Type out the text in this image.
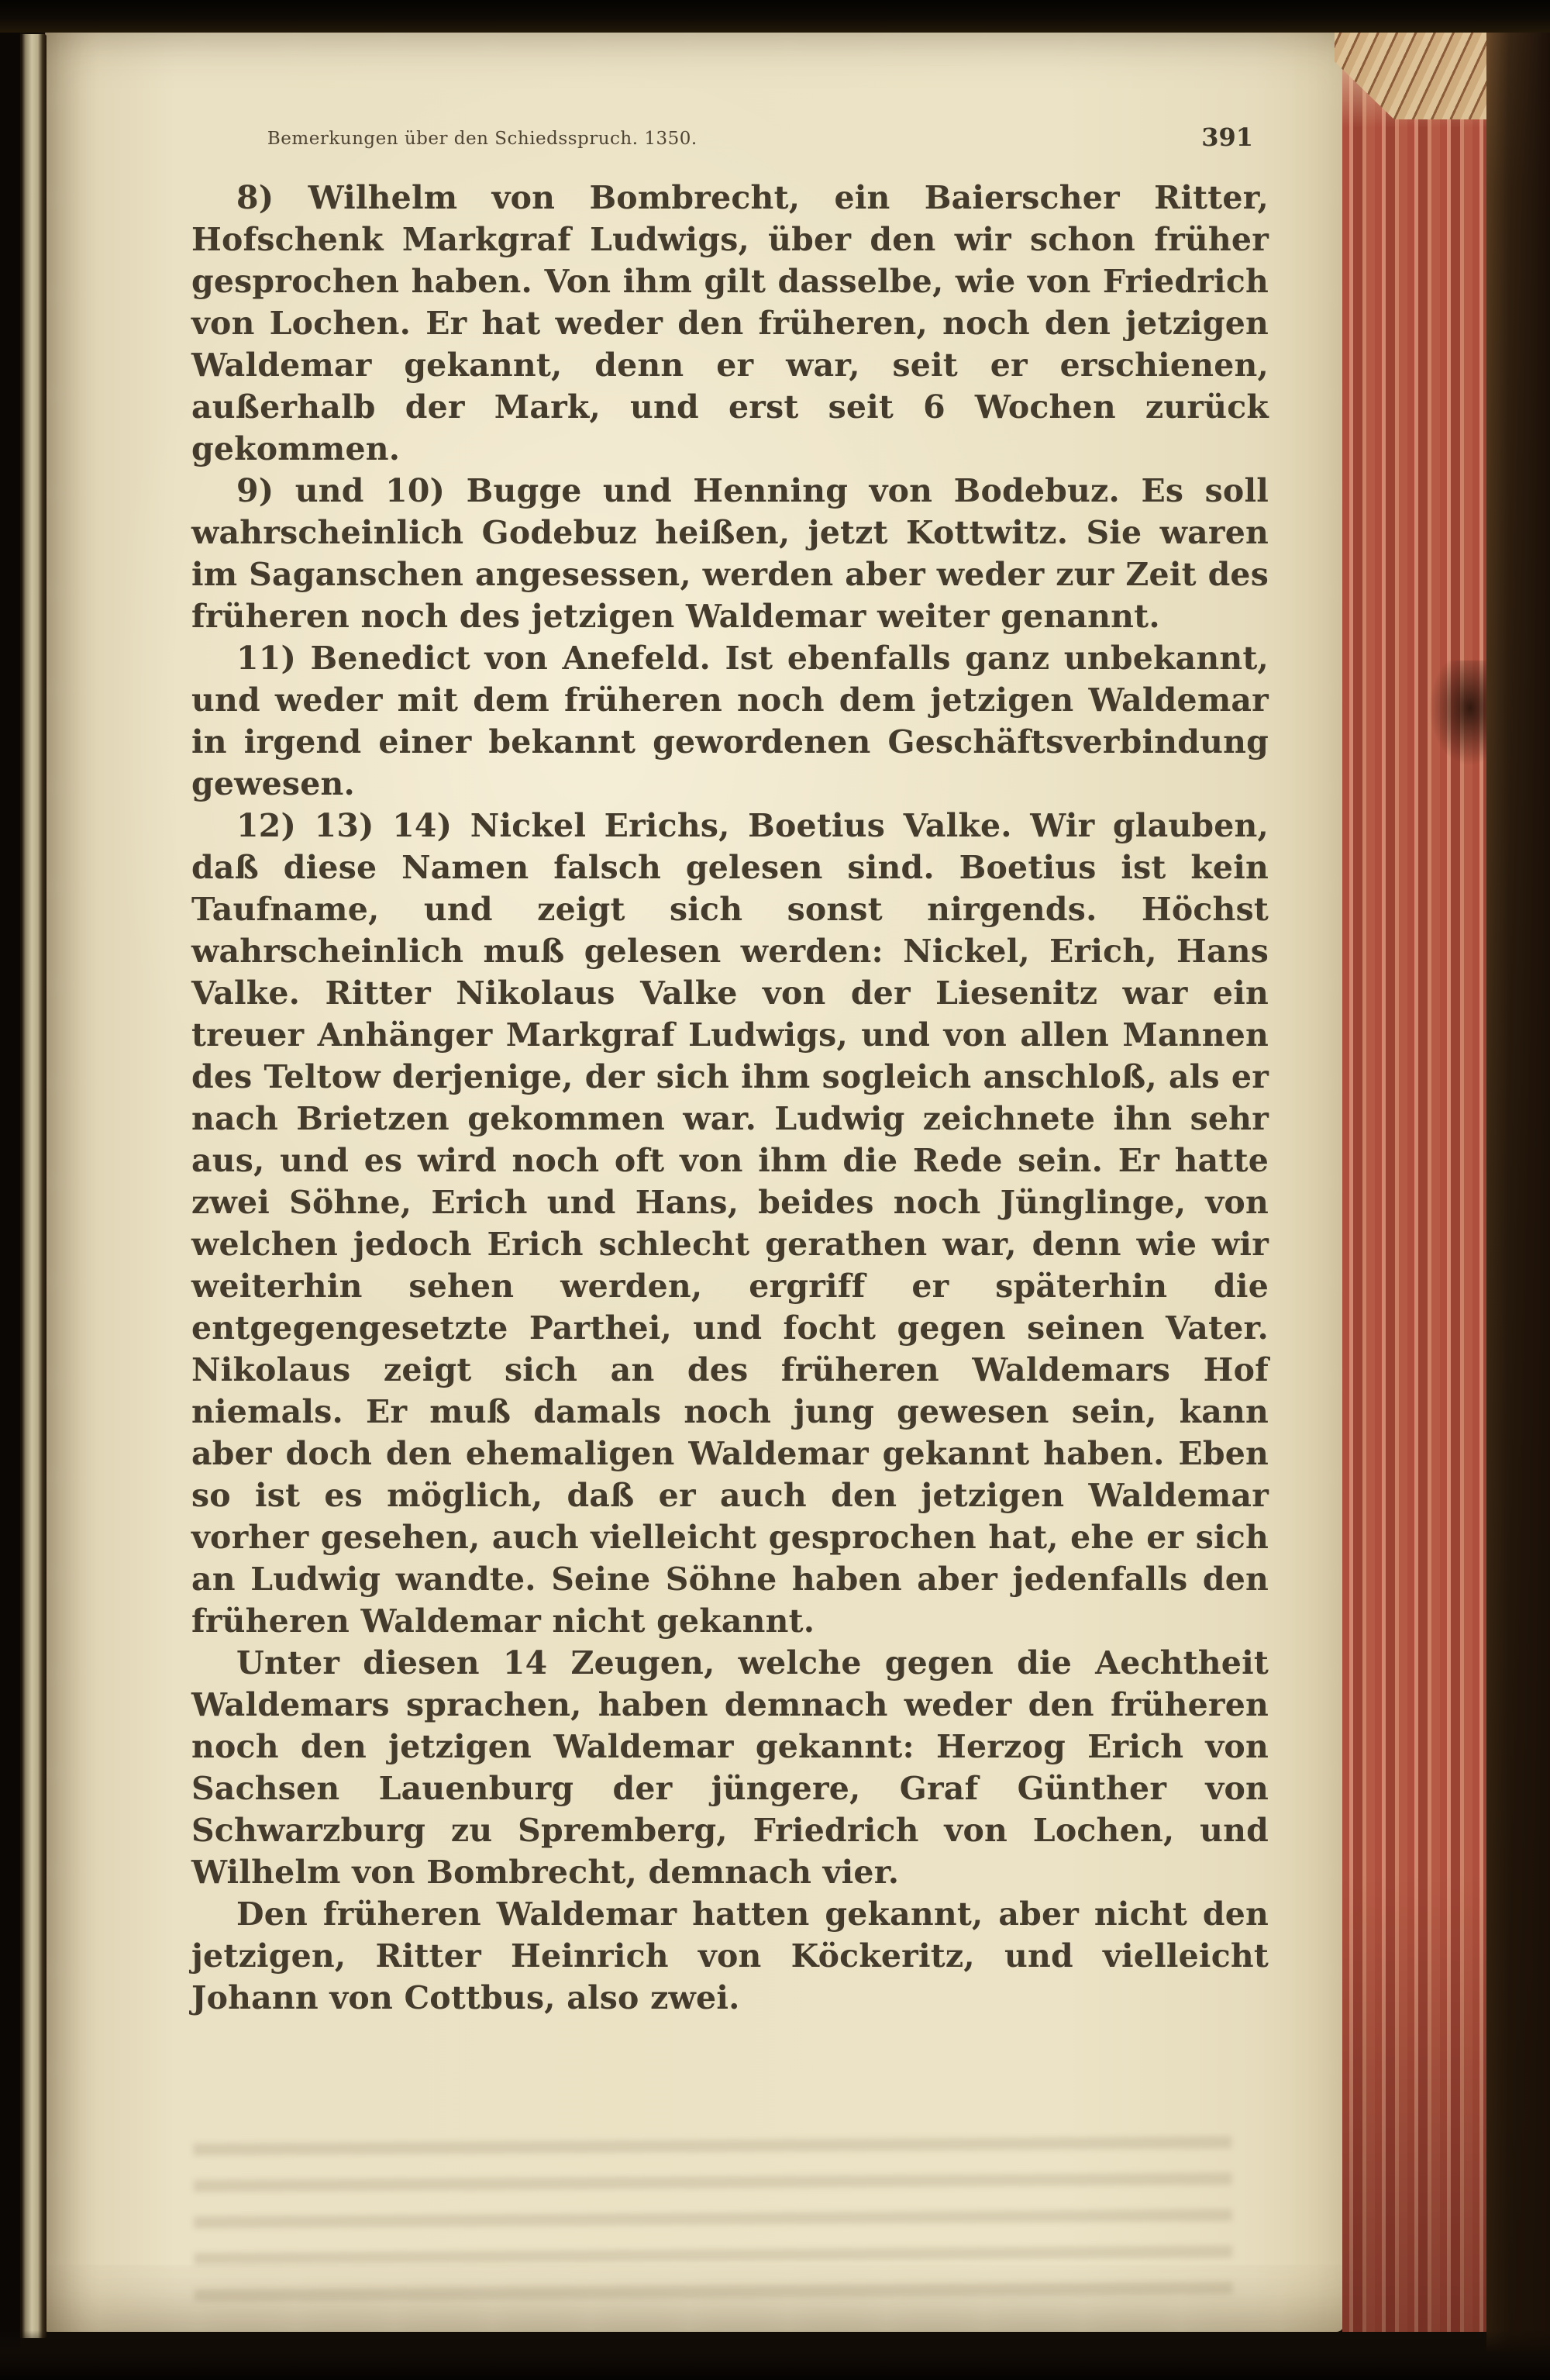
Bemerkungen über den Schiedsspruch. 1350.	391

8) Wilhelm von Bombrecht, ein Baierscher Ritter, Hofschenk Markgraf Ludwigs, über den wir schon früher gesprochen haben. Von ihm gilt dasselbe, wie von Friedrich von Lochen. Er hat weder den früheren, noch den jetzigen Waldemar gekannt, denn er war, seit er erschienen, außerhalb der Mark, und erst seit 6 Wochen zurück gekommen.

9) und 10) Bugge und Henning von Bodebuz. Es soll wahrscheinlich Godebuz heißen, jetzt Kottwitz. Sie waren im Saganschen angesessen, werden aber weder zur Zeit des früheren noch des jetzigen Waldemar weiter genannt.

11) Benedict von Anefeld. Ist ebenfalls ganz unbekannt, und weder mit dem früheren noch dem jetzigen Waldemar in irgend einer bekannt gewordenen Geschäftsverbindung gewesen.

12) 13) 14) Nickel Erichs, Boetius Valke. Wir glauben, daß diese Namen falsch gelesen sind. Boetius ist kein Taufname, und zeigt sich sonst nirgends. Höchst wahrscheinlich muß gelesen werden: Nickel, Erich, Hans Valke. Ritter Nikolaus Valke von der Liesenitz war ein treuer Anhänger Markgraf Ludwigs, und von allen Mannen des Teltow derjenige, der sich ihm sogleich anschloß, als er nach Brietzen gekommen war. Ludwig zeichnete ihn sehr aus, und es wird noch oft von ihm die Rede sein. Er hatte zwei Söhne, Erich und Hans, beides noch Jünglinge, von welchen jedoch Erich schlecht gerathen war, denn wie wir weiterhin sehen werden, ergriff er späterhin die entgegengesetzte Parthei, und focht gegen seinen Vater. Nikolaus zeigt sich an des früheren Waldemars Hof niemals. Er muß damals noch jung gewesen sein, kann aber doch den ehemaligen Waldemar gekannt haben. Eben so ist es möglich, daß er auch den jetzigen Waldemar vorher gesehen, auch vielleicht gesprochen hat, ehe er sich an Ludwig wandte. Seine Söhne haben aber jedenfalls den früheren Waldemar nicht gekannt.

Unter diesen 14 Zeugen, welche gegen die Aechtheit Waldemars sprachen, haben demnach weder den früheren noch den jetzigen Waldemar gekannt: Herzog Erich von Sachsen Lauenburg der jüngere, Graf Günther von Schwarzburg zu Spremberg, Friedrich von Lochen, und Wilhelm von Bombrecht, demnach vier.

Den früheren Waldemar hatten gekannt, aber nicht den jetzigen, Ritter Heinrich von Köckeritz, und vielleicht Johann von Cottbus, also zwei.
